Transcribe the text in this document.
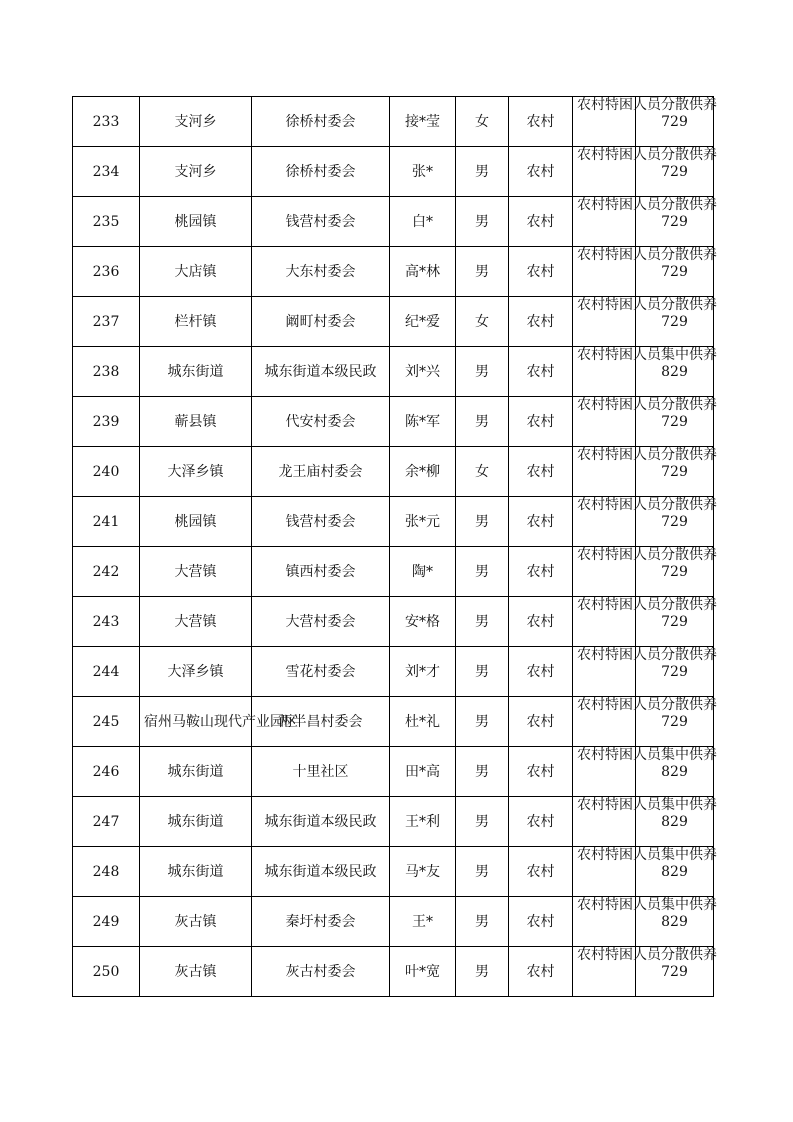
233	支河乡	徐桥村委会	接*莹	女	农村	农村特困人员分散供养	729
234	支河乡	徐桥村委会	张*	男	农村	农村特困人员分散供养	729
235	桃园镇	钱营村委会	白*	男	农村	农村特困人员分散供养	729
236	大店镇	大东村委会	高*林	男	农村	农村特困人员分散供养	729
237	栏杆镇	阚町村委会	纪*爱	女	农村	农村特困人员分散供养	729
238	城东街道	城东街道本级民政	刘*兴	男	农村	农村特困人员集中供养	829
239	蕲县镇	代安村委会	陈*军	男	农村	农村特困人员分散供养	729
240	大泽乡镇	龙王庙村委会	余*柳	女	农村	农村特困人员分散供养	729
241	桃园镇	钱营村委会	张*元	男	农村	农村特困人员分散供养	729
242	大营镇	镇西村委会	陶*	男	农村	农村特困人员分散供养	729
243	大营镇	大营村委会	安*格	男	农村	农村特困人员分散供养	729
244	大泽乡镇	雪花村委会	刘*才	男	农村	农村特困人员分散供养	729
245	宿州马鞍山现代产业园区	两半昌村委会	杜*礼	男	农村	农村特困人员分散供养	729
246	城东街道	十里社区	田*高	男	农村	农村特困人员集中供养	829
247	城东街道	城东街道本级民政	王*利	男	农村	农村特困人员集中供养	829
248	城东街道	城东街道本级民政	马*友	男	农村	农村特困人员集中供养	829
249	灰古镇	秦圩村委会	王*	男	农村	农村特困人员集中供养	829
250	灰古镇	灰古村委会	叶*宽	男	农村	农村特困人员分散供养	729
